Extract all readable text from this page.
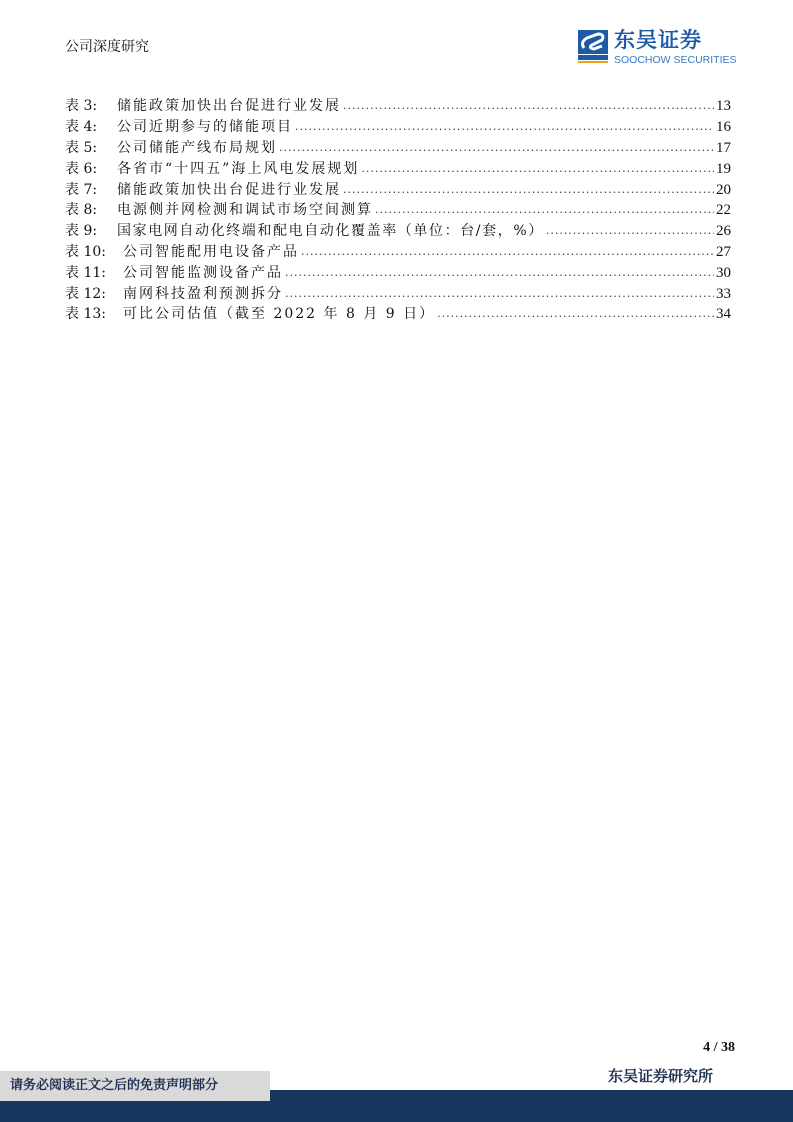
公司深度研究	东吴证券
SOOCHOW SECURITIES
表 3:	储能政策加快出台促进行业发展 .....	13
表 4:	公司近期参与的储能项目 .....	16
表 5:	公司储能产线布局规划 .....	17
表 6:	各省市“十四五”海上风电发展规划 .....	19
表 7:	储能政策加快出台促进行业发展 .....	20
表 8:	电源侧并网检测和调试市场空间测算 .....	22
表 9:	国家电网自动化终端和配电自动化覆盖率（单位：台/套，%） .....	26
表 10:	公司智能配用电设备产品 .....	27
表 11:	公司智能监测设备产品 .....	30
表 12:	南网科技盈利预测拆分 .....	33
表 13:	可比公司估值（截至 2022 年 8 月 9 日） .....	34
4 / 38
东吴证券研究所
请务必阅读正文之后的免责声明部分
